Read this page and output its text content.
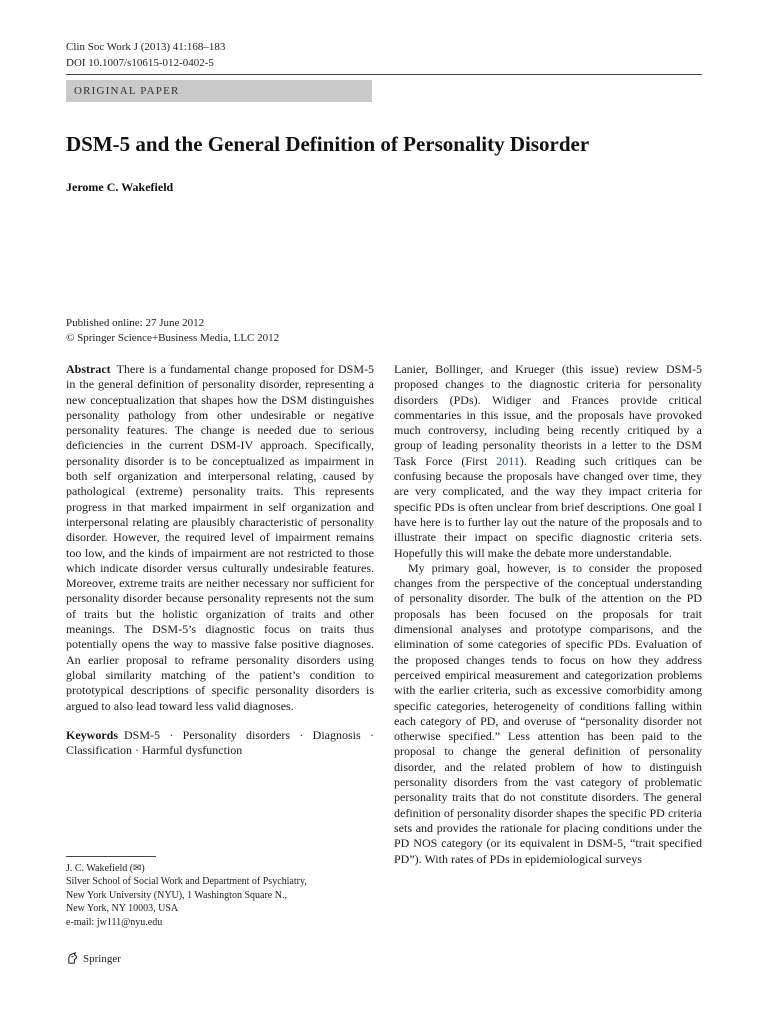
Clin Soc Work J (2013) 41:168–183
DOI 10.1007/s10615-012-0402-5
ORIGINAL PAPER
DSM-5 and the General Definition of Personality Disorder
Jerome C. Wakefield
Published online: 27 June 2012
© Springer Science+Business Media, LLC 2012

Abstract There is a fundamental change proposed for DSM-5 in the general definition of personality disorder, representing a new conceptualization that shapes how the DSM distinguishes personality pathology from other undesirable or negative personality features. The change is needed due to serious deficiencies in the current DSM-IV approach. Specifically, personality disorder is to be conceptualized as impairment in both self organization and interpersonal relating, caused by pathological (extreme) personality traits. This represents progress in that marked impairment in self organization and interpersonal relating are plausibly characteristic of personality disorder. However, the required level of impairment remains too low, and the kinds of impairment are not restricted to those which indicate disorder versus culturally undesirable features. Moreover, extreme traits are neither necessary nor sufficient for personality disorder because personality represents not the sum of traits but the holistic organization of traits and other meanings. The DSM-5’s diagnostic focus on traits thus potentially opens the way to massive false positive diagnoses. An earlier proposal to reframe personality disorders using global similarity matching of the patient’s condition to prototypical descriptions of specific personality disorders is argued to also lead toward less valid diagnoses.

Keywords DSM-5 · Personality disorders · Diagnosis · Classification · Harmful dysfunction

J. C. Wakefield (✉)
Silver School of Social Work and Department of Psychiatry,
New York University (NYU), 1 Washington Square N.,
New York, NY 10003, USA
e-mail: jw111@nyu.edu

Lanier, Bollinger, and Krueger (this issue) review DSM-5 proposed changes to the diagnostic criteria for personality disorders (PDs). Widiger and Frances provide critical commentaries in this issue, and the proposals have provoked much controversy, including being recently critiqued by a group of leading personality theorists in a letter to the DSM Task Force (First 2011). Reading such critiques can be confusing because the proposals have changed over time, they are very complicated, and the way they impact criteria for specific PDs is often unclear from brief descriptions. One goal I have here is to further lay out the nature of the proposals and to illustrate their impact on specific diagnostic criteria sets. Hopefully this will make the debate more understandable.

My primary goal, however, is to consider the proposed changes from the perspective of the conceptual understanding of personality disorder. The bulk of the attention on the PD proposals has been focused on the proposals for trait dimensional analyses and prototype comparisons, and the elimination of some categories of specific PDs. Evaluation of the proposed changes tends to focus on how they address perceived empirical measurement and categorization problems with the earlier criteria, such as excessive comorbidity among specific categories, heterogeneity of conditions falling within each category of PD, and overuse of “personality disorder not otherwise specified.” Less attention has been paid to the proposal to change the general definition of personality disorder, and the related problem of how to distinguish personality disorders from the vast category of problematic personality traits that do not constitute disorders. The general definition of personality disorder shapes the specific PD criteria sets and provides the rationale for placing conditions under the PD NOS category (or its equivalent in DSM-5, “trait specified PD”). With rates of PDs in epidemiological surveys

Springer
